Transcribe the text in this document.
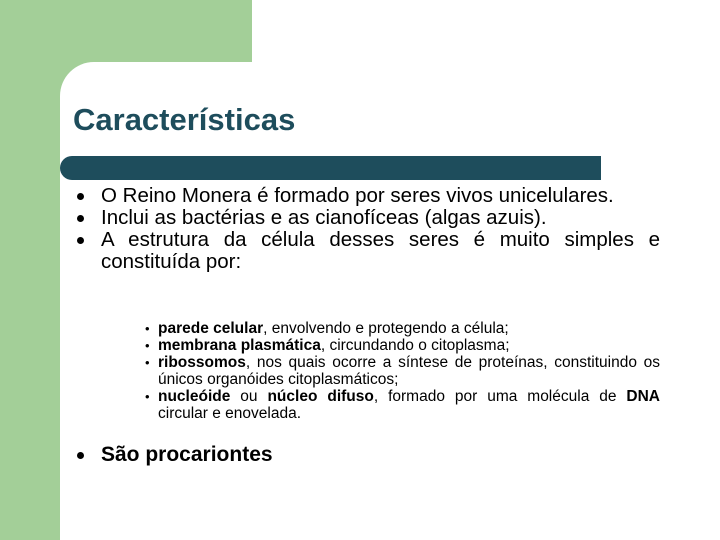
Características
O Reino Monera é formado por seres vivos unicelulares.
Inclui as bactérias e as cianofíceas (algas azuis).
A estrutura da célula desses seres é muito simples e constituída por:
• parede celular, envolvendo e protegendo a célula;
• membrana plasmática, circundando o citoplasma;
• ribossomos, nos quais ocorre a síntese de proteínas, constituindo os únicos organóides citoplasmáticos;
• nucleóide ou núcleo difuso, formado por uma molécula de DNA circular e enovelada.
São procariontes
